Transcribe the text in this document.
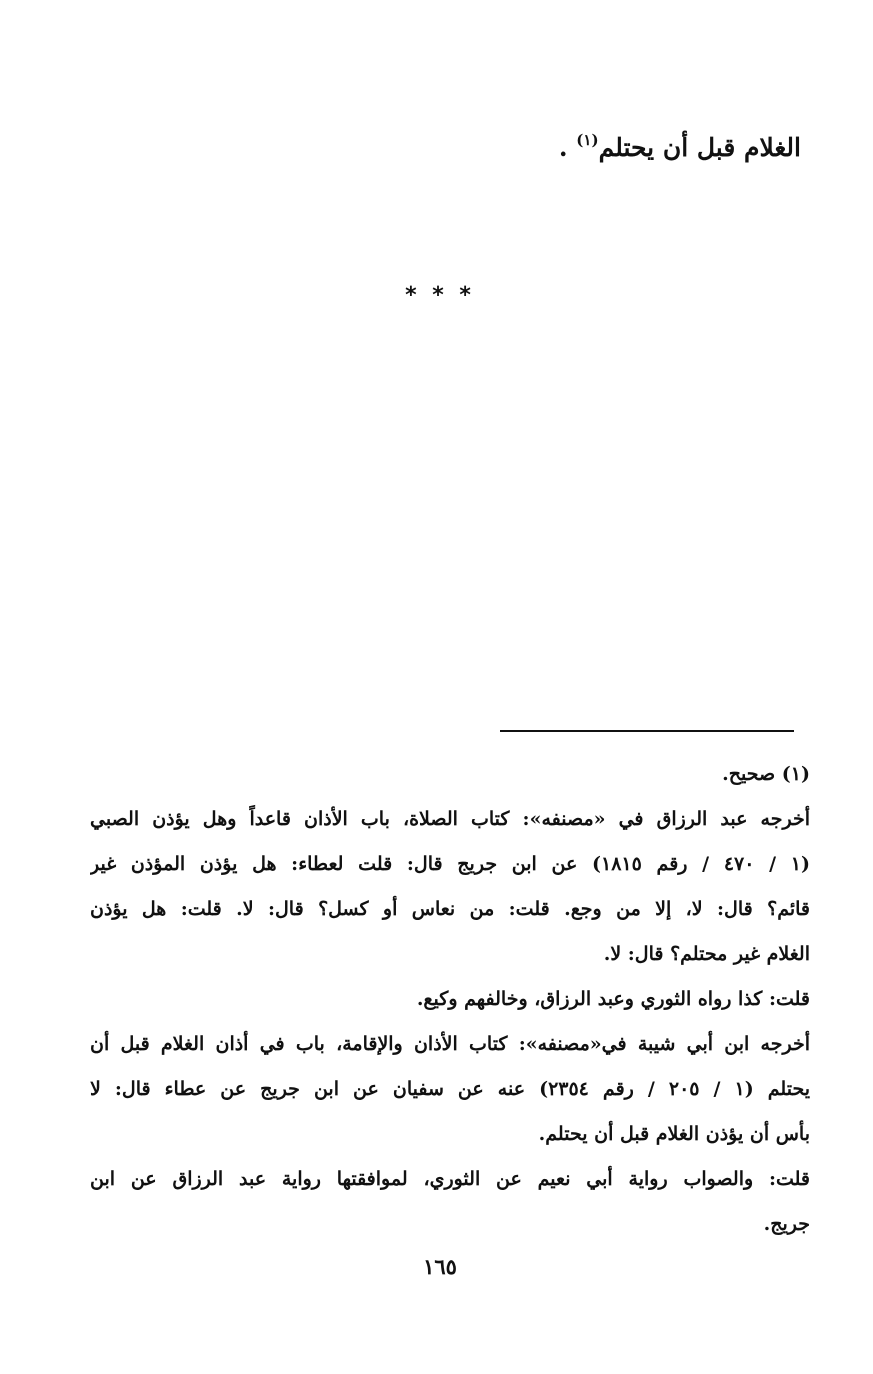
الغلام قبل أن يحتلم$^{(١)}$ .
* * *
(١) صحيح.
أخرجه عبد الرزاق في «مصنفه»: كتاب الصلاة، باب الأذان قاعداً وهل يؤذن الصبي
(١ / ٤٧٠ / رقم ١٨١٥) عن ابن جريج قال: قلت لعطاء: هل يؤذن المؤذن غير
قائم؟ قال: لا، إلا من وجع. قلت: من نعاس أو كسل؟ قال: لا. قلت: هل يؤذن
الغلام غير محتلم؟ قال: لا.
قلت: كذا رواه الثوري وعبد الرزاق، وخالفهم وكيع.
أخرجه ابن أبي شيبة في«مصنفه»: كتاب الأذان والإقامة، باب في أذان الغلام قبل أن
يحتلم (١ / ٢٠٥ / رقم ٢٣٥٤) عنه عن سفيان عن ابن جريج عن عطاء قال: لا
بأس أن يؤذن الغلام قبل أن يحتلم.
قلت: والصواب رواية أبي نعيم عن الثوري، لموافقتها رواية عبد الرزاق عن ابن
جريج.
١٦٥
